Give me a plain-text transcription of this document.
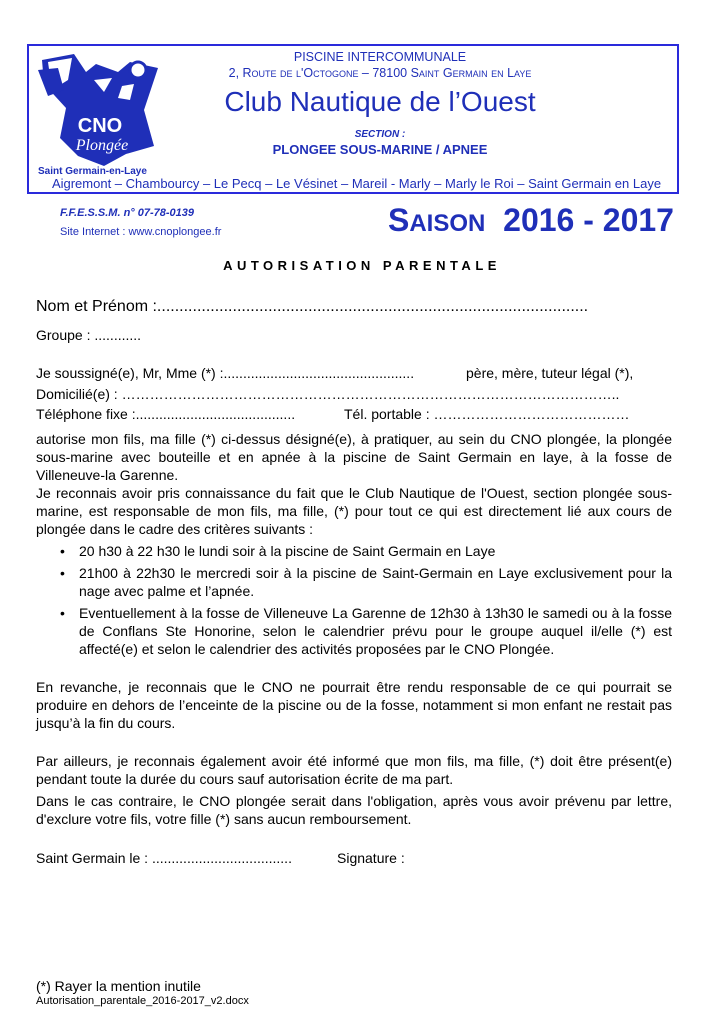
CNO
Plongée
Saint Germain-en-Laye
PISCINE INTERCOMMUNALE
2, Route de l'Octogone – 78100 Saint Germain en Laye
Club Nautique de l’Ouest
SECTION :
PLONGEE SOUS-MARINE / APNEE
Aigremont – Chambourcy – Le Pecq – Le Vésinet – Mareil - Marly – Marly le Roi – Saint Germain en Laye
F.F.E.S.S.M. n° 07-78-0139
Site Internet : www.cnoplongee.fr	SAISON 2016 - 2017
AUTORISATION PARENTALE
Nom et Prénom :.................................................................................................
Groupe : ............
Je soussigné(e), Mr, Mme (*) :.................................................	père, mère, tuteur légal (*),
Domicilié(e) : ……………………………………………………………………………………………..
Téléphone fixe :.........................................	Tél. portable : ……………………………………
autorise mon fils, ma fille (*) ci-dessus désigné(e), à pratiquer, au sein du CNO plongée, la plongée sous-marine avec bouteille et en apnée à la piscine de Saint Germain en laye, à la fosse de Villeneuve-la Garenne.
Je reconnais avoir pris connaissance du fait que le Club Nautique de l'Ouest, section plongée sous-marine, est responsable de mon fils, ma fille, (*) pour tout ce qui est directement lié aux cours de plongée dans le cadre des critères suivants :
• 20 h30 à 22 h30 le lundi soir à la piscine de Saint Germain en Laye
• 21h00 à 22h30 le mercredi soir à la piscine de Saint-Germain en Laye exclusivement pour la nage avec palme et l’apnée.
• Eventuellement à la fosse de Villeneuve La Garenne de 12h30 à 13h30 le samedi ou à la fosse de Conflans Ste Honorine, selon le calendrier prévu pour le groupe auquel il/elle (*) est affecté(e) et selon le calendrier des activités proposées par le CNO Plongée.
En revanche, je reconnais que le CNO ne pourrait être rendu responsable de ce qui pourrait se produire en dehors de l’enceinte de la piscine ou de la fosse, notamment si mon enfant ne restait pas jusqu’à la fin du cours.
Par ailleurs, je reconnais également avoir été informé que mon fils, ma fille, (*) doit être présent(e) pendant toute la durée du cours sauf autorisation écrite de ma part.
Dans le cas contraire, le CNO plongée serait dans l'obligation, après vous avoir prévenu par lettre, d'exclure votre fils, votre fille (*) sans aucun remboursement.
Saint Germain le : ....................................	Signature :
(*) Rayer la mention inutile
Autorisation_parentale_2016-2017_v2.docx
